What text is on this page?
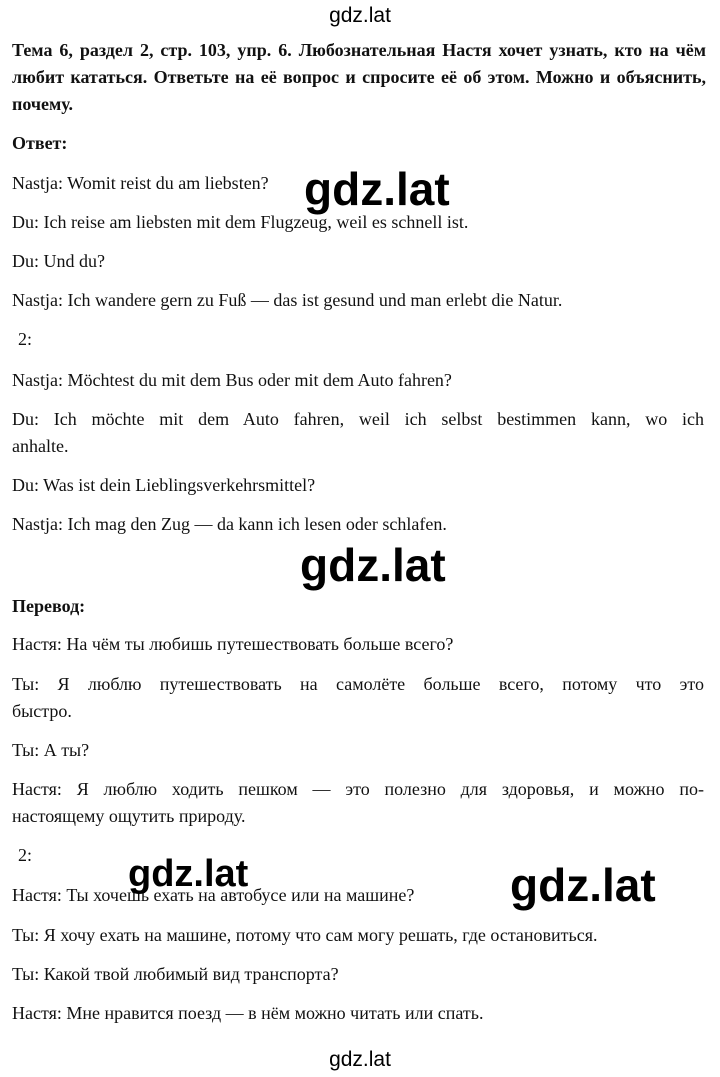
gdz.lat
Тема 6, раздел 2, стр. 103, упр. 6. Любознательная Настя хочет узнать, кто на чём любит кататься. Ответьте на её вопрос и спросите её об этом. Можно и объяснить, почему.
Ответ:
Nastja: Womit reist du am liebsten?
Du: Ich reise am liebsten mit dem Flugzeug, weil es schnell ist.
Du: Und du?
Nastja: Ich wandere gern zu Fuß — das ist gesund und man erlebt die Natur.
2:
Nastja: Möchtest du mit dem Bus oder mit dem Auto fahren?
Du: Ich möchte mit dem Auto fahren, weil ich selbst bestimmen kann, wo ich
anhalte.
Du: Was ist dein Lieblingsverkehrsmittel?
Nastja: Ich mag den Zug — da kann ich lesen oder schlafen.
Перевод:
Настя: На чём ты любишь путешествовать больше всего?
Ты: Я люблю путешествовать на самолёте больше всего, потому что это
быстро.
Ты: А ты?
Настя: Я люблю ходить пешком — это полезно для здоровья, и можно по-
настоящему ощутить природу.
2:
Настя: Ты хочешь ехать на автобусе или на машине?
Ты: Я хочу ехать на машине, потому что сам могу решать, где остановиться.
Ты: Какой твой любимый вид транспорта?
Настя: Мне нравится поезд — в нём можно читать или спать.
gdz.lat
gdz.lat
gdz.lat
gdz.lat	gdz.lat
